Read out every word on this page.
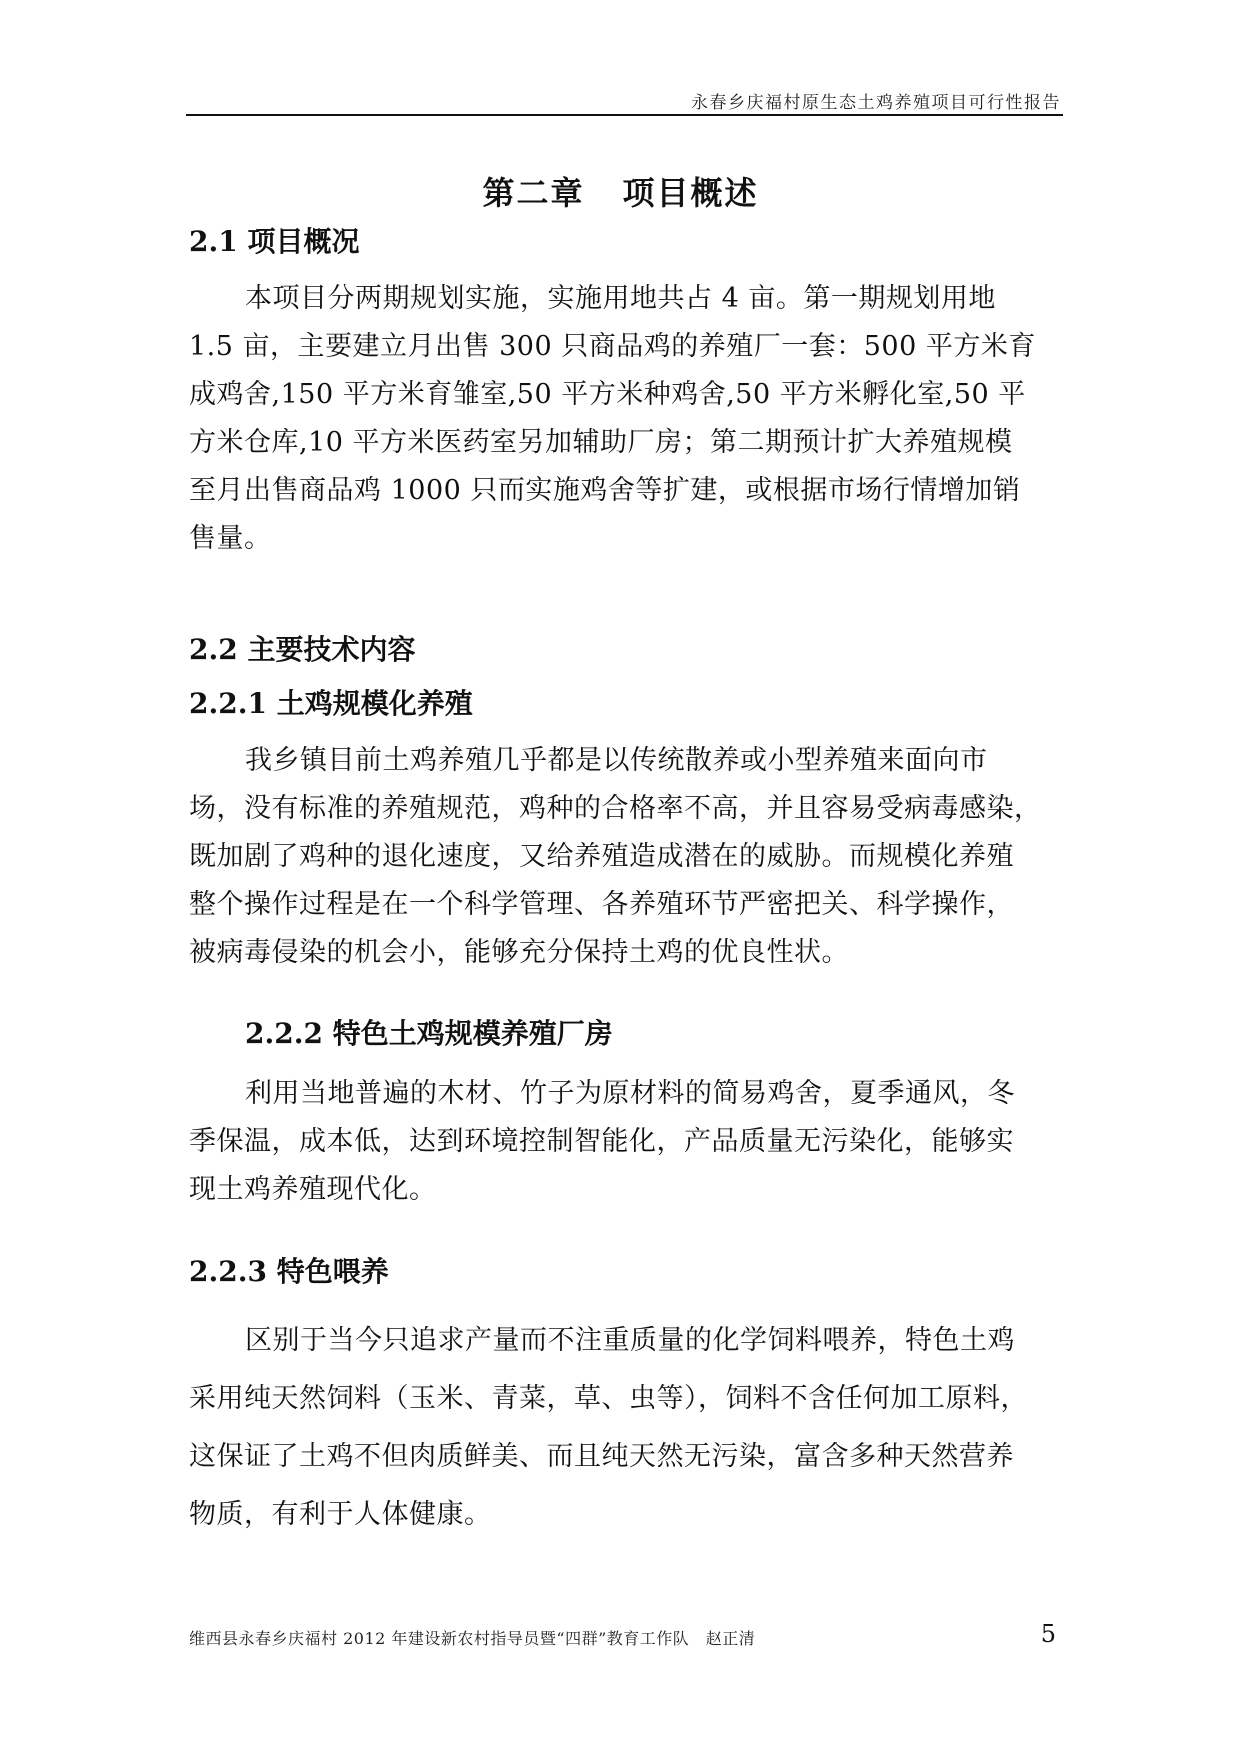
永春乡庆福村原生态土鸡养殖项目可行性报告
第二章 项目概述
2.1 项目概况
本项目分两期规划实施，实施用地共占 4 亩。第一期规划用地
1.5 亩，主要建立月出售 300 只商品鸡的养殖厂一套：500 平方米育
成鸡舍,150 平方米育雏室,50 平方米种鸡舍,50 平方米孵化室,50 平
方米仓库,10 平方米医药室另加辅助厂房；第二期预计扩大养殖规模
至月出售商品鸡 1000 只而实施鸡舍等扩建，或根据市场行情增加销
售量。
2.2 主要技术内容
2.2.1 土鸡规模化养殖
我乡镇目前土鸡养殖几乎都是以传统散养或小型养殖来面向市
场，没有标准的养殖规范，鸡种的合格率不高，并且容易受病毒感染，
既加剧了鸡种的退化速度，又给养殖造成潜在的威胁。而规模化养殖
整个操作过程是在一个科学管理、各养殖环节严密把关、科学操作，
被病毒侵染的机会小，能够充分保持土鸡的优良性状。
2.2.2 特色土鸡规模养殖厂房
利用当地普遍的木材、竹子为原材料的简易鸡舍，夏季通风，冬
季保温，成本低，达到环境控制智能化，产品质量无污染化，能够实
现土鸡养殖现代化。
2.2.3 特色喂养
区别于当今只追求产量而不注重质量的化学饲料喂养，特色土鸡
采用纯天然饲料（玉米、青菜，草、虫等），饲料不含任何加工原料，
这保证了土鸡不但肉质鲜美、而且纯天然无污染，富含多种天然营养
物质，有利于人体健康。
维西县永春乡庆福村 2012 年建设新农村指导员暨“四群”教育工作队　赵正清	5
